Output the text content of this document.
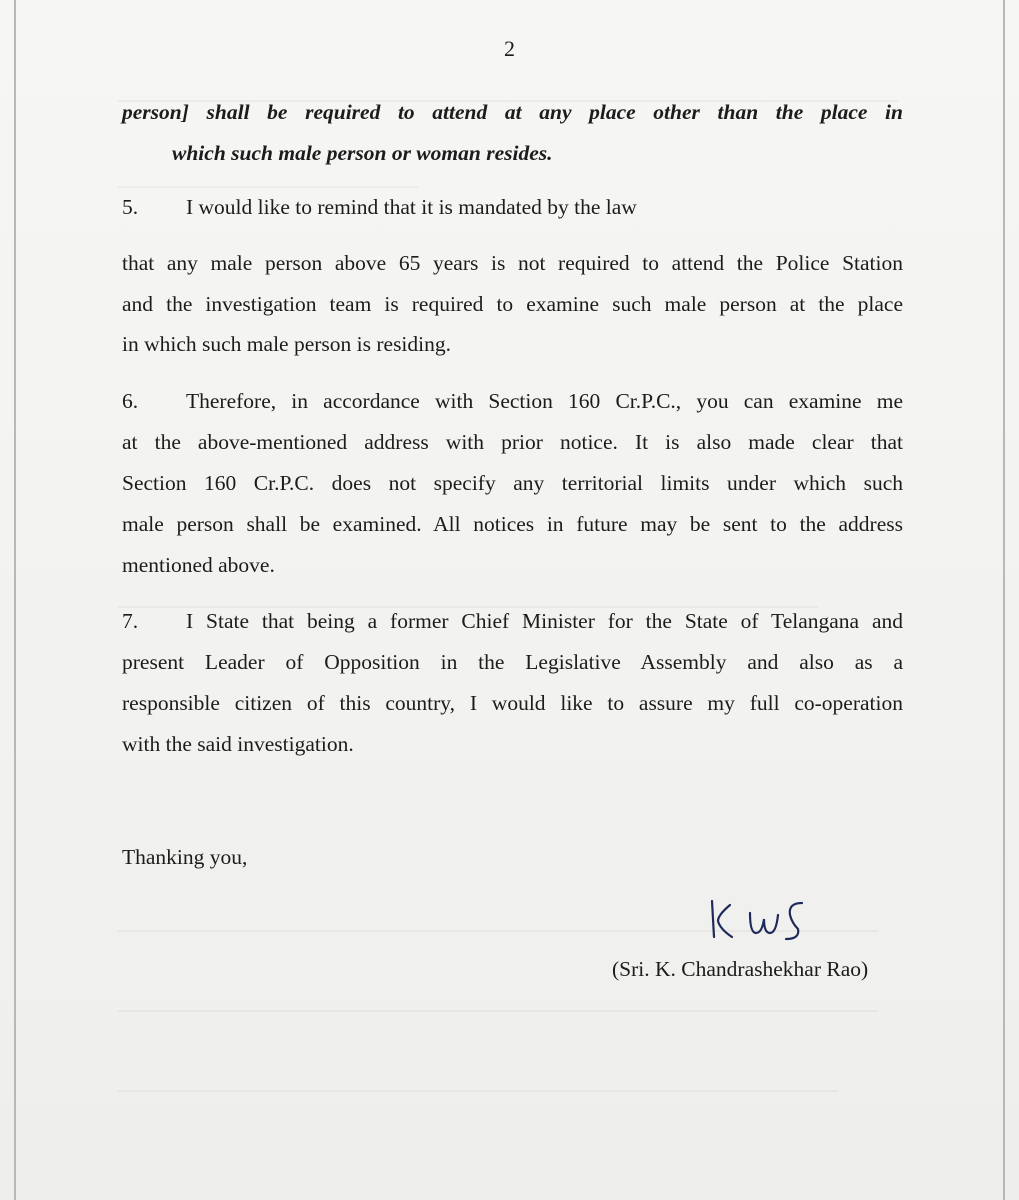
2
person] shall be required to attend at any place other than the place in
which such male person or woman resides.
5. I would like to remind that it is mandated by the law
that any male person above 65 years is not required to attend the Police Station
and the investigation team is required to examine such male person at the place
in which such male person is residing.
6. Therefore, in accordance with Section 160 Cr.P.C., you can examine me
at the above-mentioned address with prior notice. It is also made clear that
Section 160 Cr.P.C. does not specify any territorial limits under which such
male person shall be examined. All notices in future may be sent to the address
mentioned above.
7. I State that being a former Chief Minister for the State of Telangana and
present Leader of Opposition in the Legislative Assembly and also as a
responsible citizen of this country, I would like to assure my full co-operation
with the said investigation.
Thanking you,
(Sri. K. Chandrashekhar Rao)
